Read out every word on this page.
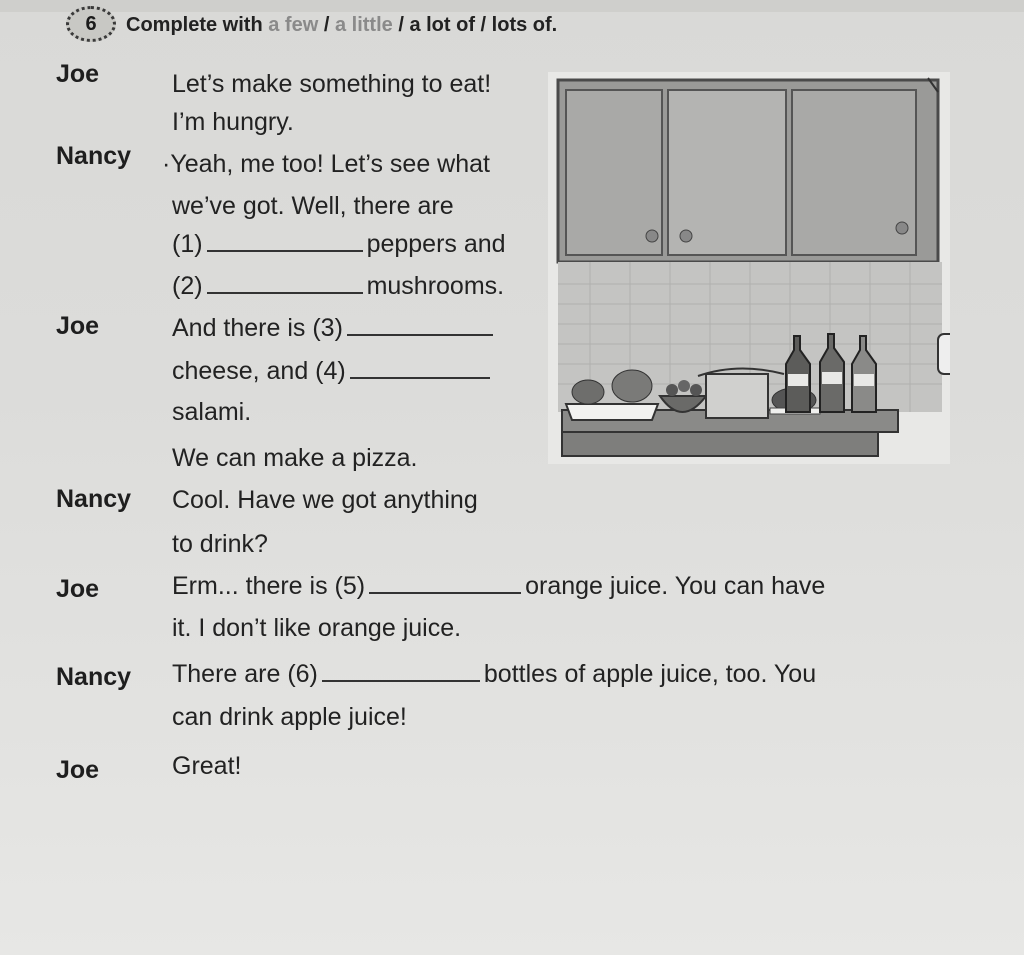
6 Complete with a few / a little / a lot of / lots of.
Joe
Nancy
Joe
Nancy
Joe
Nancy
Joe
Let’s make something to eat!
I’m hungry.
·Yeah, me too! Let’s see what
we’ve got. Well, there are
(1)	peppers and
(2)	mushrooms.
And there is (3)
cheese, and (4)
salami.
We can make a pizza.
Cool. Have we got anything
to drink?
Erm... there is (5)	orange juice. You can have
it. I don’t like orange juice.
There are (6)	bottles of apple juice, too. You
can drink apple juice!
Great!
